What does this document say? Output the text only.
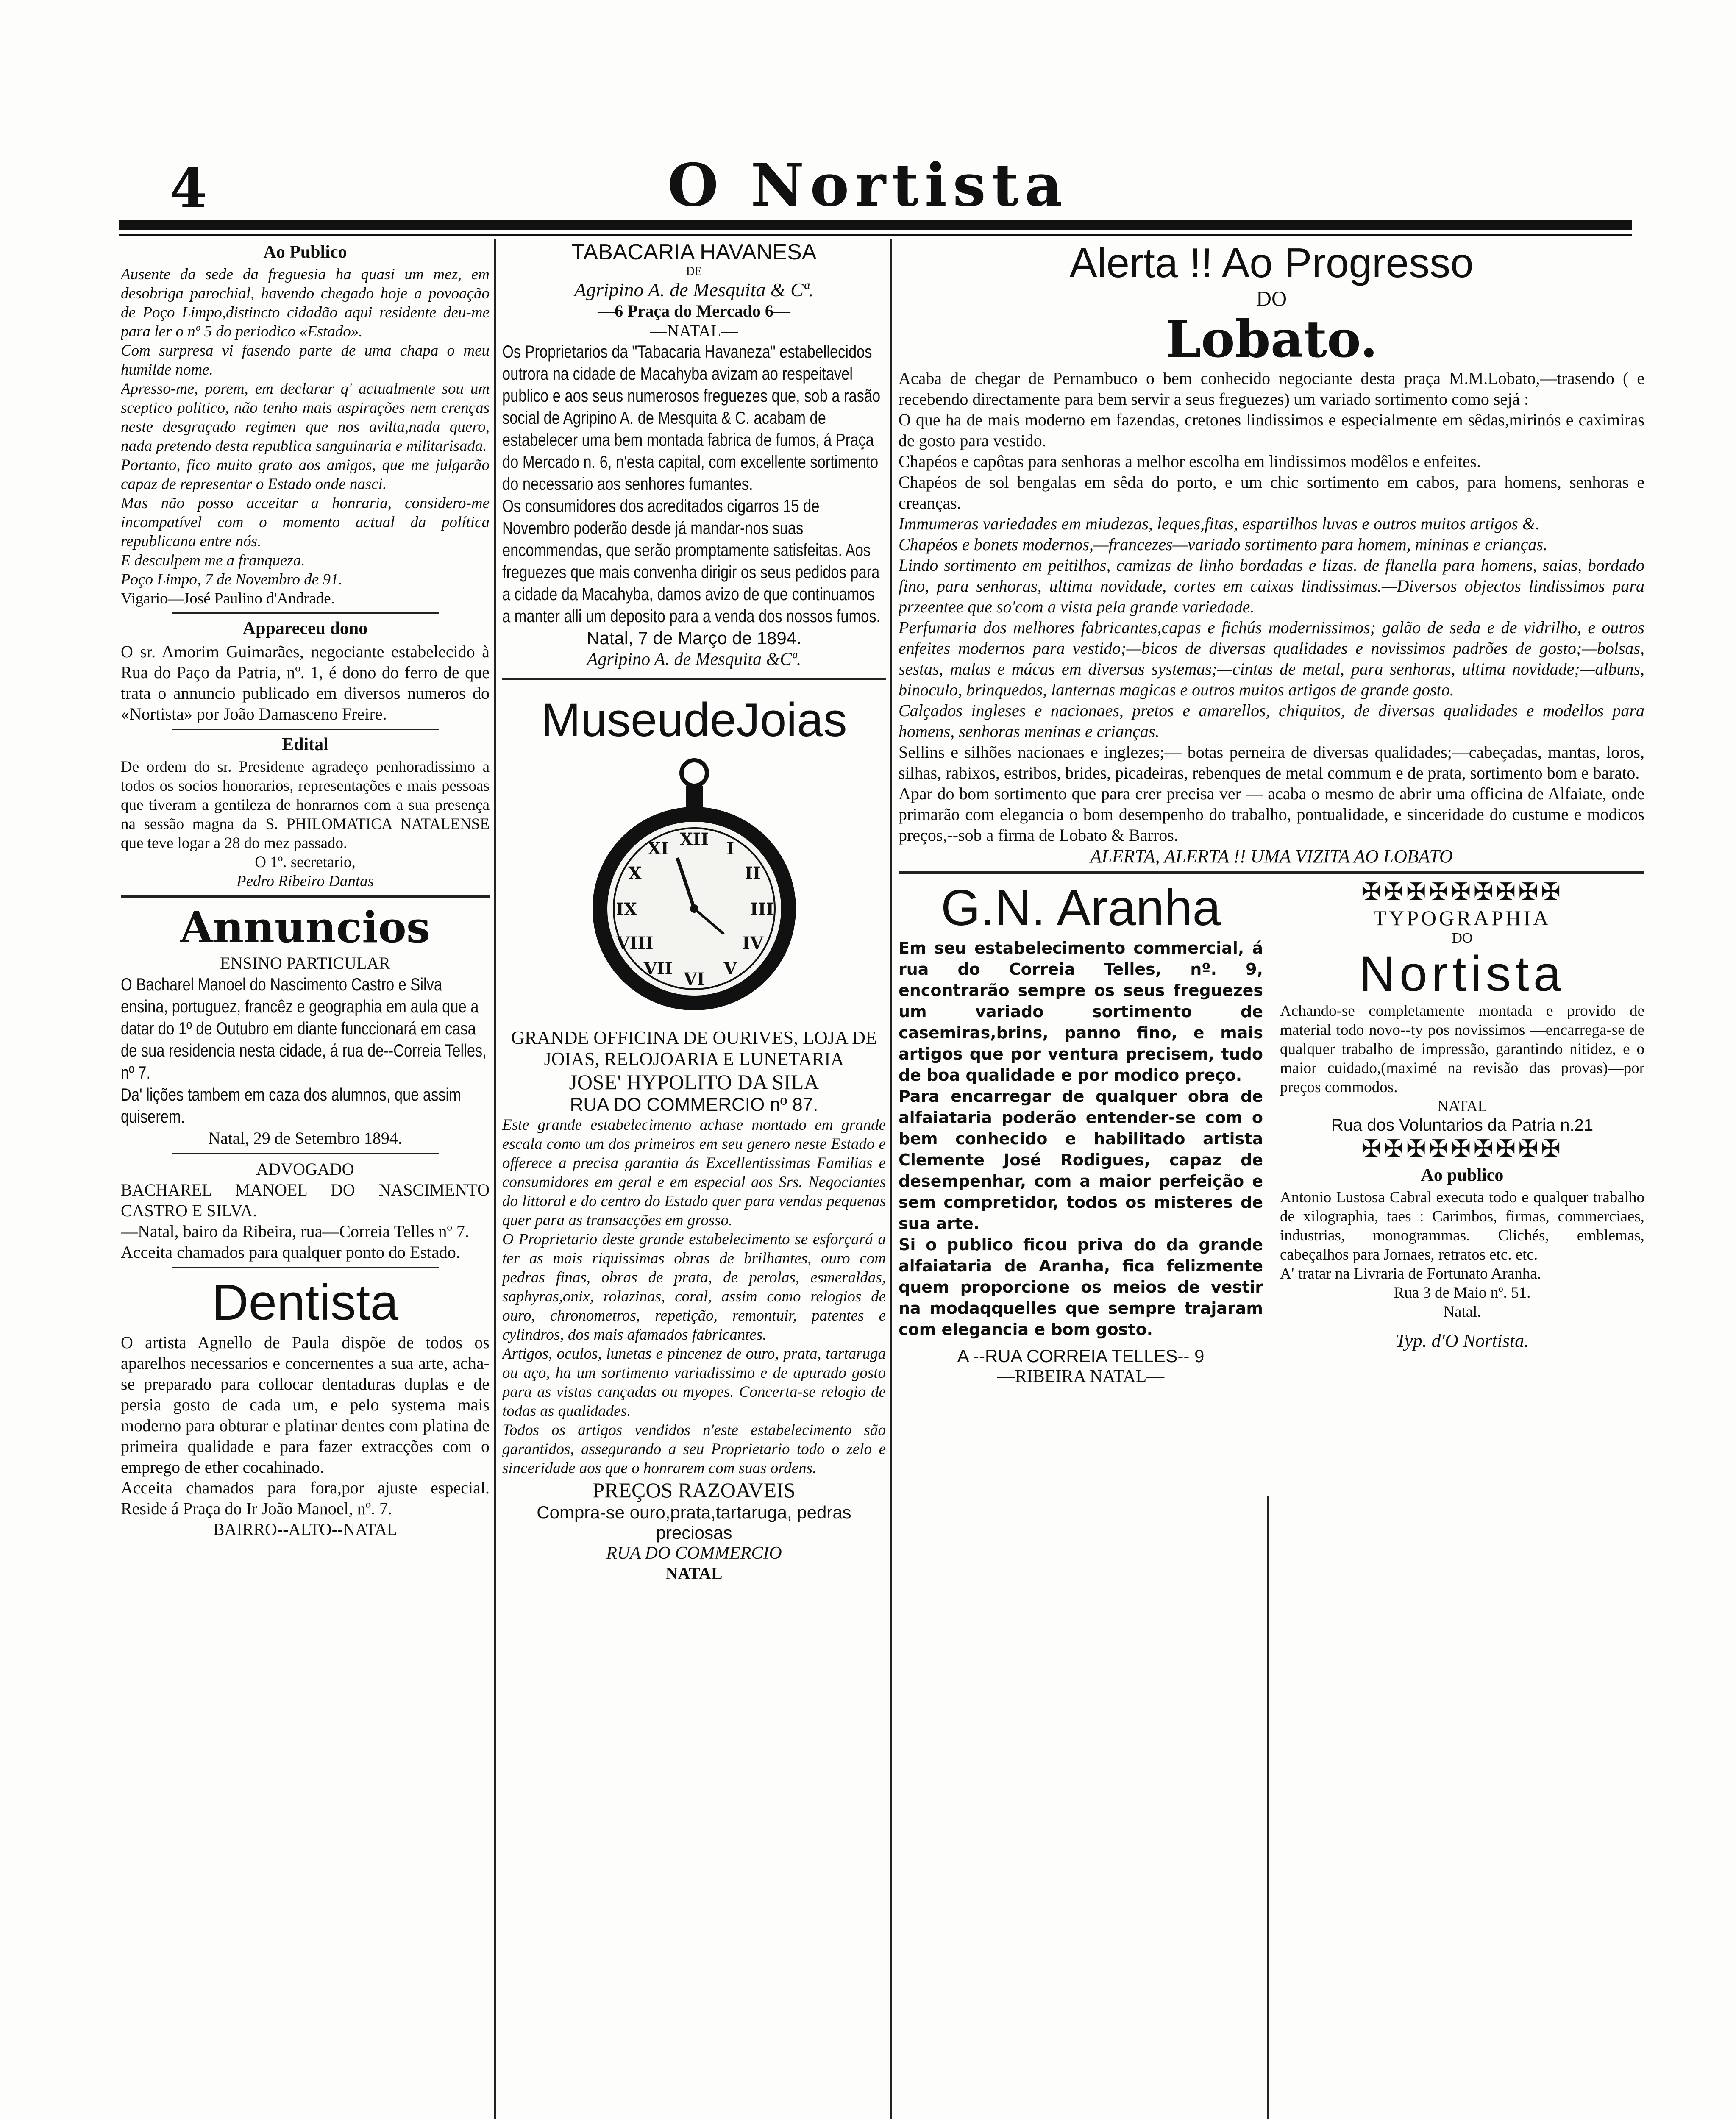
4	O Nortista

Ao Publico

Ausente da sede da freguesia ha quasi um mez, em desobriga parochial, havendo chegado hoje a povoação de Poço Limpo,distincto cidadão aqui residente deu-me para ler o nº 5 do periodico «Estado».

Com surpresa vi fasendo parte de uma chapa o meu humilde nome.

Apresso-me, porem, em declarar q' actualmente sou um sceptico politico, não tenho mais aspirações nem crenças neste desgraçado regimen que nos avilta,nada quero, nada pretendo desta republica sanguinaria e militarisada.

Portanto, fico muito grato aos amigos, que me julgarão capaz de representar o Estado onde nasci.

Mas não posso acceitar a honraria, considero-me incompatível com o momento actual da política republicana entre nós.

E desculpem me a franqueza.

Poço Limpo, 7 de Novembro de 91.

Vigario—José Paulino d'Andrade.

Appareceu dono

O sr. Amorim Guimarães, negociante estabelecido à Rua do Paço da Patria, nº. 1, é dono do ferro de que trata o annuncio publicado em diversos numeros do «Nortista» por João Damasceno Freire.

Edital

De ordem do sr. Presidente agradeço penhoradissimo a todos os socios honorarios, representações e mais pessoas que tiveram a gentileza de honrarnos com a sua presença na sessão magna da S. PHILOMATICA NATALENSE que teve logar a 28 do mez passado.

O 1º. secretario,

Pedro Ribeiro Dantas

Annuncios

ENSINO PARTICULAR

O Bacharel Manoel do Nascimento Castro e Silva ensina, portuguez, francêz e geographia em aula que a datar do 1º de Outubro em diante funccionará em casa de sua residencia nesta cidade, á rua de--Correia Telles, nº 7.

Da' lições tambem em caza dos alumnos, que assim quiserem.

Natal, 29 de Setembro 1894.

ADVOGADO

BACHAREL MANOEL DO NASCIMENTO CASTRO E SILVA.

—Natal, bairo da Ribeira, rua—Correia Telles nº 7.

Acceita chamados para qualquer ponto do Estado.

Dentista

O artista Agnello de Paula dispõe de todos os aparelhos necessarios e concernentes a sua arte, acha-se preparado para collocar dentaduras duplas e de persia gosto de cada um, e pelo systema mais moderno para obturar e platinar dentes com platina de primeira qualidade e para fazer extracções com o emprego de ether cocahinado.

Acceita chamados para fora,por ajuste especial. Reside á Praça do Ir João Manoel, nº. 7.

BAIRRO--ALTO--NATAL

TABACARIA HAVANESA

DE

Agripino A. de Mesquita & Cª.

—6 Praça do Mercado 6—

—NATAL—

Os Proprietarios da "Tabacaria Havaneza" estabellecidos outrora na cidade de Macahyba avizam ao respeitavel publico e aos seus numerosos freguezes que, sob a rasão social de Agripino A. de Mesquita & C. acabam de estabelecer uma bem montada fabrica de fumos, á Praça do Mercado n. 6, n'esta capital, com excellente sortimento do necessario aos senhores fumantes.

Os consumidores dos acreditados cigarros 15 de Novembro poderão desde já mandar-nos suas encommendas, que serão promptamente satisfeitas. Aos freguezes que mais convenha dirigir os seus pedidos para a cidade da Macahyba, damos avizo de que continuamos a manter alli um deposito para a venda dos nossos fumos.

Natal, 7 de Março de 1894.

Agripino A. de Mesquita &Cª.

MuseudeJoias

XII I
II
III
IV
V
VI
VII
VIII
IX
X
XI

GRANDE OFFICINA DE OURIVES, LOJA DE JOIAS, RELOJOARIA E LUNETARIA

JOSE' HYPOLITO DA SILA

RUA DO COMMERCIO nº 87.

Este grande estabelecimento achase montado em grande escala como um dos primeiros em seu genero neste Estado e offerece a precisa garantia ás Excellentissimas Familias e consumidores em geral e em especial aos Srs. Negociantes do littoral e do centro do Estado quer para vendas pequenas quer para as transacções em grosso.

O Proprietario deste grande estabelecimento se esforçará a ter as mais riquissimas obras de brilhantes, ouro com pedras finas, obras de prata, de perolas, esmeraldas, saphyras,onix, rolazinas, coral, assim como relogios de ouro, chronometros, repetição, remontuir, patentes e cylindros, dos mais afamados fabricantes.

Artigos, oculos, lunetas e pincenez de ouro, prata, tartaruga ou aço, ha um sortimento variadissimo e de apurado gosto para as vistas cançadas ou myopes. Concerta-se relogio de todas as qualidades.

Todos os artigos vendidos n'este estabelecimento são garantidos, assegurando a seu Proprietario todo o zelo e sinceridade aos que o honrarem com suas ordens.

PREÇOS RAZOAVEIS

Compra-se ouro,prata,tartaruga, pedras preciosas

RUA DO COMMERCIO

NATAL

Alerta !! Ao Progresso

DO

Lobato.

Acaba de chegar de Pernambuco o bem conhecido negociante desta praça M.M.Lobato,—trasendo ( e recebendo directamente para bem servir a seus freguezes) um variado sortimento como sejá :

O que ha de mais moderno em fazendas, cretones lindissimos e especialmente em sêdas,mirinós e caximiras de gosto para vestido.

Chapéos e capôtas para senhoras a melhor escolha em lindissimos modêlos e enfeites.

Chapéos de sol bengalas em sêda do porto, e um chic sortimento em cabos, para homens, senhoras e creanças.

Immumeras variedades em miudezas, leques,fitas, espartilhos luvas e outros muitos artigos &.

Chapéos e bonets modernos,—francezes—variado sortimento para homem, mininas e crianças.

Lindo sortimento em peitilhos, camizas de linho bordadas e lizas. de flanella para homens, saias, bordado fino, para senhoras, ultima novidade, cortes em caixas lindissimas.—Diversos objectos lindissimos para przeentee que so'com a vista pela grande variedade.

Perfumaria dos melhores fabricantes,capas e fichús modernissimos; galão de seda e de vidrilho, e outros enfeites modernos para vestido;—bicos de diversas qualidades e novissimos padrões de gosto;—bolsas, sestas, malas e mácas em diversas systemas;—cintas de metal, para senhoras, ultima novidade;—albuns, binoculo, brinquedos, lanternas magicas e outros muitos artigos de grande gosto.

Calçados ingleses e nacionaes, pretos e amarellos, chiquitos, de diversas qualidades e modellos para homens, senhoras meninas e crianças.

Sellins e silhões nacionaes e inglezes;— botas perneira de diversas qualidades;—cabeçadas, mantas, loros, silhas, rabixos, estribos, brides, picadeiras, rebenques de metal commum e de prata, sortimento bom e barato.

Apar do bom sortimento que para crer precisa ver — acaba o mesmo de abrir uma officina de Alfaiate, onde primarão com elegancia o bom desempenho do trabalho, pontualidade, e sinceridade do custume e modicos preços,--sob a firma de Lobato & Barros.

ALERTA, ALERTA !! UMA VIZITA AO LOBATO

G.N. Aranha

Em seu estabelecimento commercial, á rua do Correia Telles, nº. 9, encontrarão sempre os seus freguezes um variado sortimento de casemiras,brins, panno fino, e mais artigos que por ventura precisem, tudo de boa qualidade e por modico preço.

Para encarregar de qualquer obra de alfaiataria poderão entender-se com o bem conhecido e habilitado artista Clemente José Rodigues, capaz de desempenhar, com a maior perfeição e sem compretidor, todos os misteres de sua arte.

Si o publico ficou priva do da grande alfaiataria de Aranha, fica felizmente quem proporcione os meios de vestir na modaqquelles que sempre trajaram com elegancia e bom gosto.

A --RUA CORREIA TELLES-- 9

—RIBEIRA NATAL—

✠✠✠✠✠✠✠✠✠

TYPOGRAPHIA

DO

Nortista

Achando-se completamente montada e provido de material todo novo--ty pos novissimos —encarrega-se de qualquer trabalho de impressão, garantindo nitidez, e o maior cuidado,(maximé na revisão das provas)—por preços commodos.

NATAL

Rua dos Voluntarios da Patria n.21

✠✠✠✠✠✠✠✠✠

Ao publico

Antonio Lustosa Cabral executa todo e qualquer trabalho de xilographia, taes : Carimbos, firmas, commerciaes, industrias, monogrammas. Clichés, emblemas, cabeçalhos para Jornaes, retratos etc. etc.

A' tratar na Livraria de Fortunato Aranha.

Rua 3 de Maio nº. 51.

Natal.

Typ. d'O Nortista.
